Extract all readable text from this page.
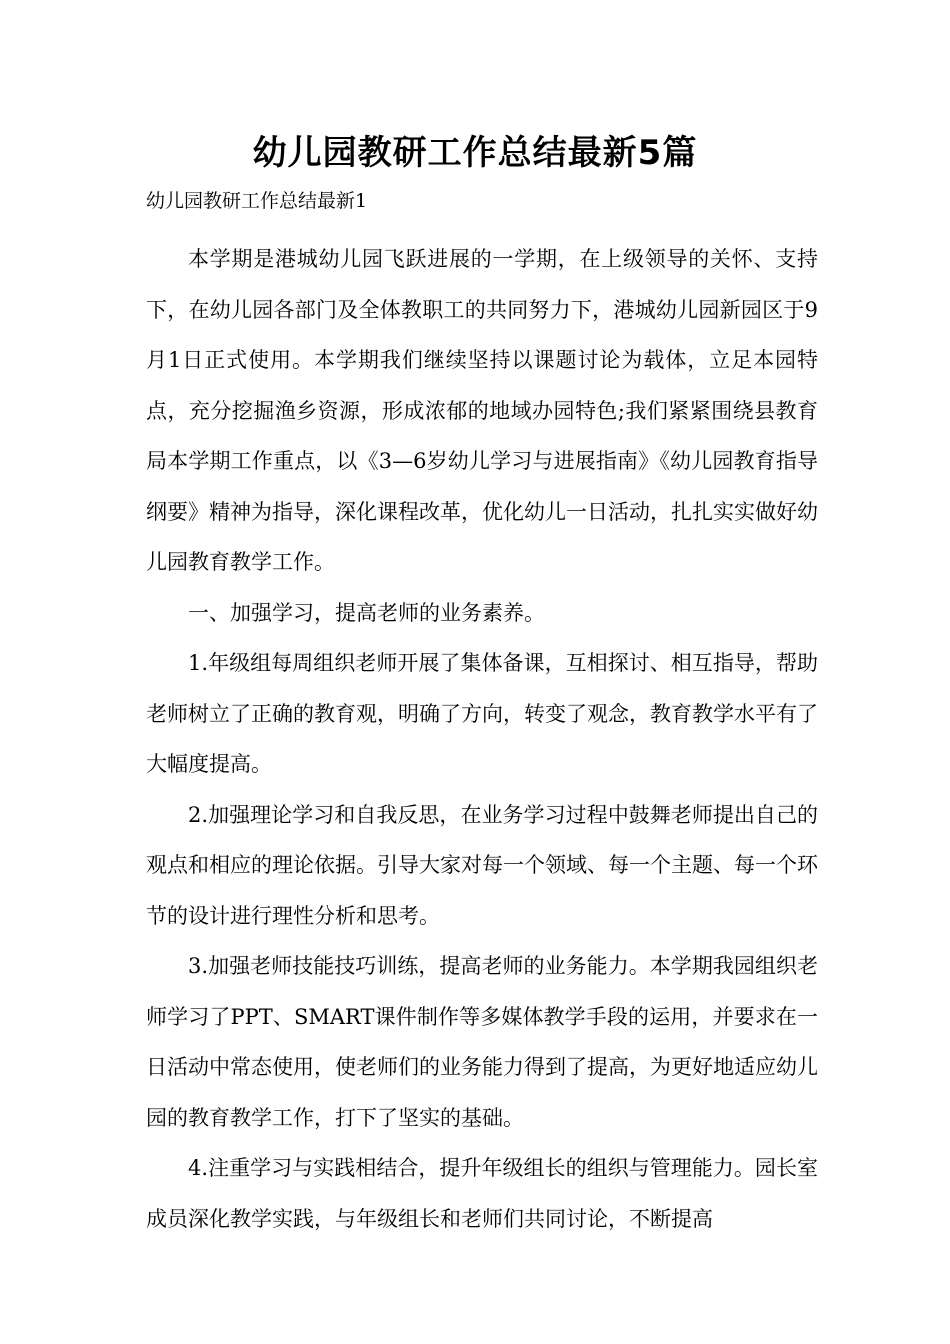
幼儿园教研工作总结最新5篇
幼儿园教研工作总结最新1

本学期是港城幼儿园飞跃进展的一学期，在上级领导的关怀、支持下，在幼儿园各部门及全体教职工的共同努力下，港城幼儿园新园区于9月1日正式使用。本学期我们继续坚持以课题讨论为载体，立足本园特点，充分挖掘渔乡资源，形成浓郁的地域办园特色;我们紧紧围绕县教育局本学期工作重点，以《3—6岁幼儿学习与进展指南》《幼儿园教育指导纲要》精神为指导，深化课程改革，优化幼儿一日活动，扎扎实实做好幼儿园教育教学工作。

一、加强学习，提高老师的业务素养。

1.年级组每周组织老师开展了集体备课，互相探讨、相互指导，帮助老师树立了正确的教育观，明确了方向，转变了观念，教育教学水平有了大幅度提高。

2.加强理论学习和自我反思，在业务学习过程中鼓舞老师提出自己的观点和相应的理论依据。引导大家对每一个领域、每一个主题、每一个环节的设计进行理性分析和思考。

3.加强老师技能技巧训练，提高老师的业务能力。本学期我园组织老师学习了PPT、SMART课件制作等多媒体教学手段的运用，并要求在一日活动中常态使用，使老师们的业务能力得到了提高，为更好地适应幼儿园的教育教学工作，打下了坚实的基础。

4.注重学习与实践相结合，提升年级组长的组织与管理能力。园长室成员深化教学实践，与年级组长和老师们共同讨论，不断提高
